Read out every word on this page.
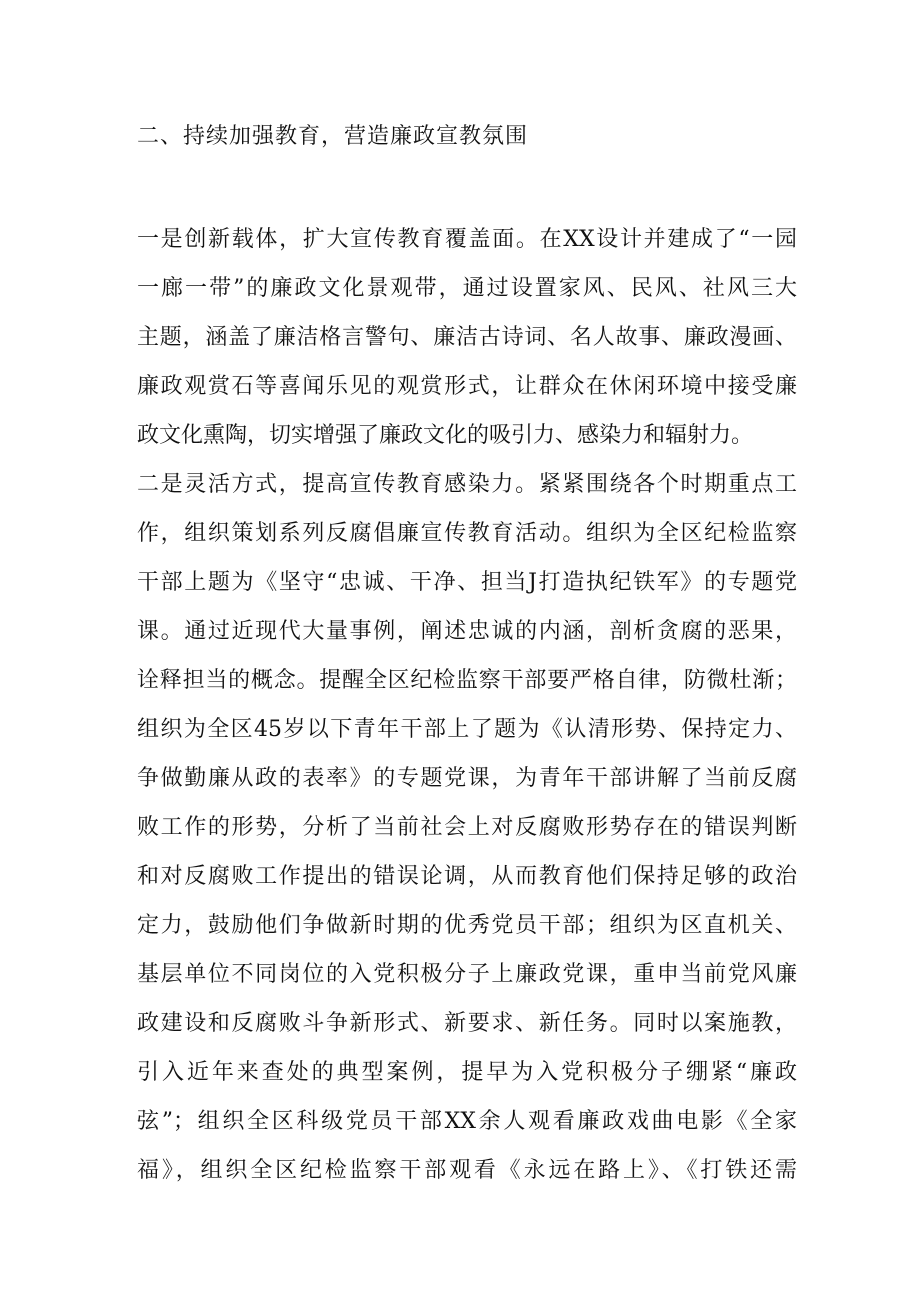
二、持续加强教育，营造廉政宣教氛围
一是创新载体，扩大宣传教育覆盖面。在XX设计并建成了“一园
一廊一带”的廉政文化景观带，通过设置家风、民风、社风三大
主题，涵盖了廉洁格言警句、廉洁古诗词、名人故事、廉政漫画、
廉政观赏石等喜闻乐见的观赏形式，让群众在休闲环境中接受廉
政文化熏陶，切实增强了廉政文化的吸引力、感染力和辐射力。
二是灵活方式，提高宣传教育感染力。紧紧围绕各个时期重点工
作，组织策划系列反腐倡廉宣传教育活动。组织为全区纪检监察
干部上题为《坚守“忠诚、干净、担当J打造执纪铁军》的专题党
课。通过近现代大量事例，阐述忠诚的内涵，剖析贪腐的恶果，
诠释担当的概念。提醒全区纪检监察干部要严格自律，防微杜渐；
组织为全区45岁以下青年干部上了题为《认清形势、保持定力、
争做勤廉从政的表率》的专题党课，为青年干部讲解了当前反腐
败工作的形势，分析了当前社会上对反腐败形势存在的错误判断
和对反腐败工作提出的错误论调，从而教育他们保持足够的政治
定力，鼓励他们争做新时期的优秀党员干部；组织为区直机关、
基层单位不同岗位的入党积极分子上廉政党课，重申当前党风廉
政建设和反腐败斗争新形式、新要求、新任务。同时以案施教，
引入近年来查处的典型案例，提早为入党积极分子绷紧“廉政
弦”；组织全区科级党员干部XX余人观看廉政戏曲电影《全家
福》，组织全区纪检监察干部观看《永远在路上》、《打铁还需
